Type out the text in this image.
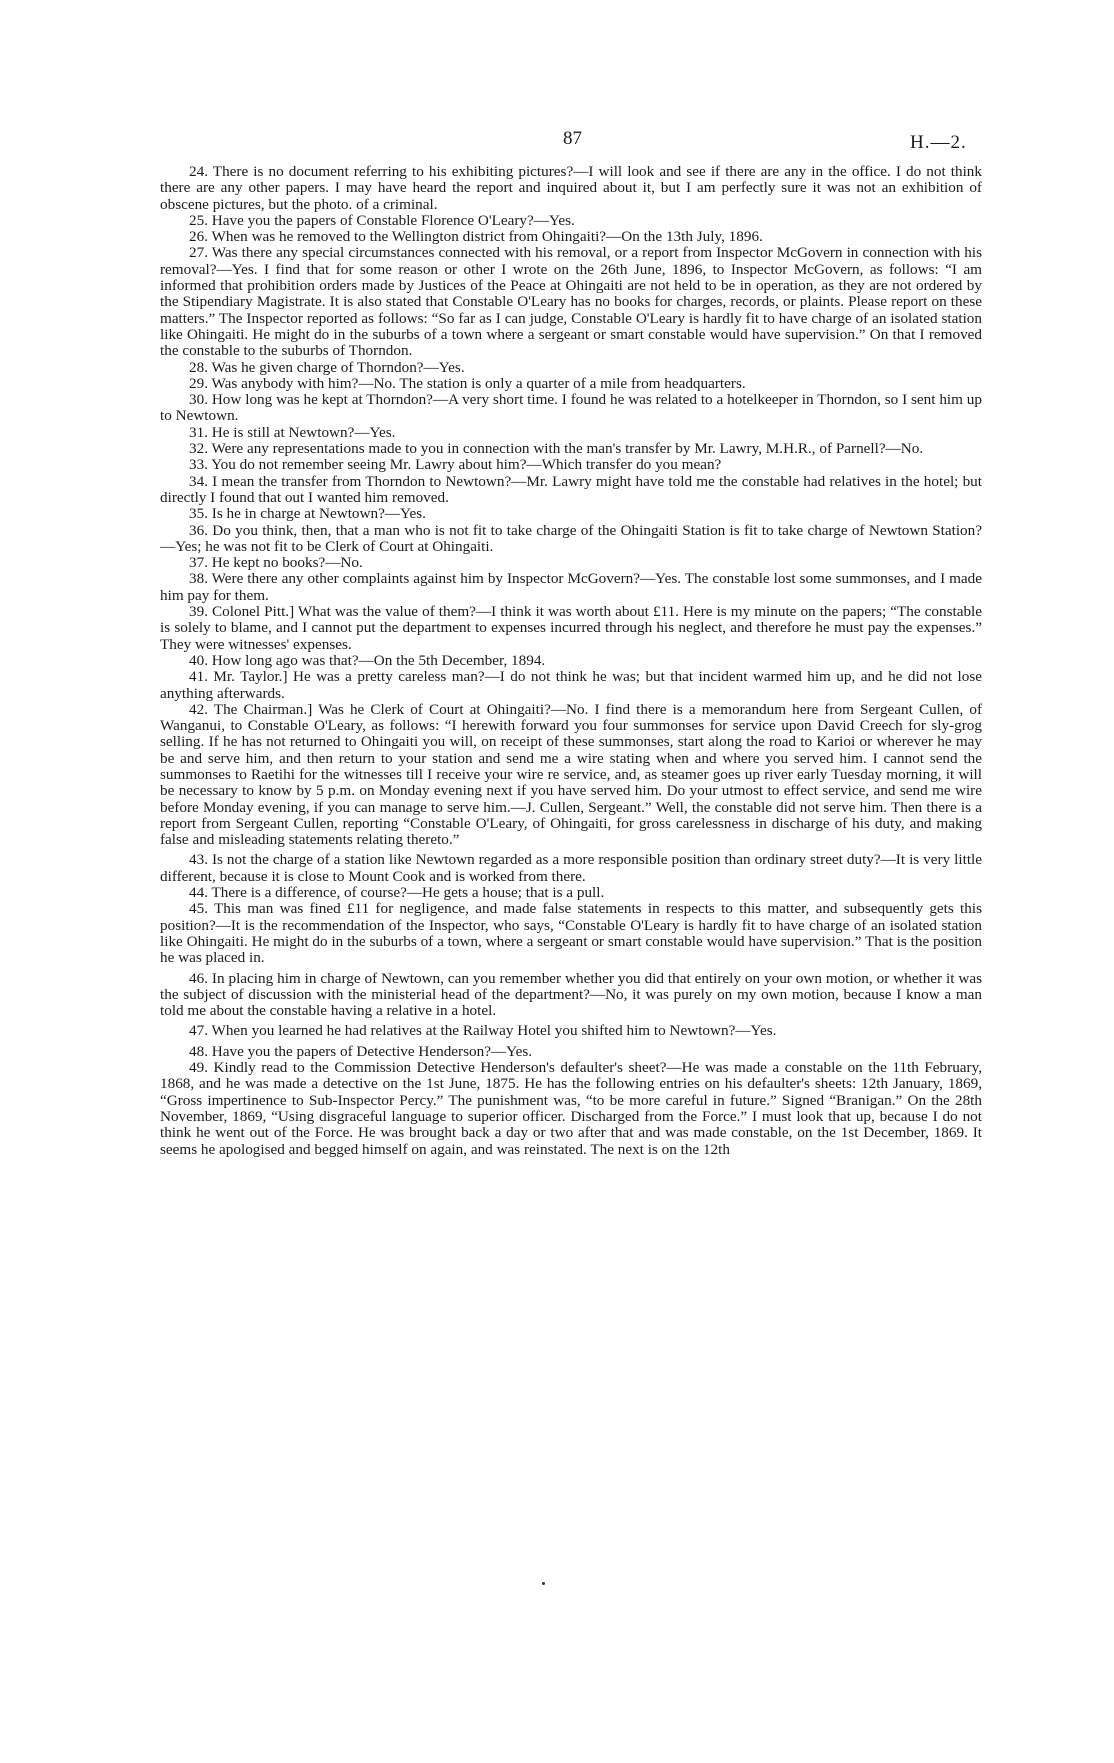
87	H.—2.

24. There is no document referring to his exhibiting pictures?—I will look and see if there are any in the office. I do not think there are any other papers. I may have heard the report and inquired about it, but I am perfectly sure it was not an exhibition of obscene pictures, but the photo. of a criminal.

25. Have you the papers of Constable Florence O'Leary?—Yes.

26. When was he removed to the Wellington district from Ohingaiti?—On the 13th July, 1896.

27. Was there any special circumstances connected with his removal, or a report from Inspector McGovern in connection with his removal?—Yes. I find that for some reason or other I wrote on the 26th June, 1896, to Inspector McGovern, as follows: “I am informed that prohibition orders made by Justices of the Peace at Ohingaiti are not held to be in operation, as they are not ordered by the Stipendiary Magistrate. It is also stated that Constable O'Leary has no books for charges, records, or plaints. Please report on these matters.” The Inspector reported as follows: “So far as I can judge, Constable O'Leary is hardly fit to have charge of an isolated station like Ohingaiti. He might do in the suburbs of a town where a sergeant or smart constable would have supervision.” On that I removed the constable to the suburbs of Thorndon.

28. Was he given charge of Thorndon?—Yes.

29. Was anybody with him?—No. The station is only a quarter of a mile from headquarters.

30. How long was he kept at Thorndon?—A very short time. I found he was related to a hotelkeeper in Thorndon, so I sent him up to Newtown.

31. He is still at Newtown?—Yes.

32. Were any representations made to you in connection with the man's transfer by Mr. Lawry, M.H.R., of Parnell?—No.

33. You do not remember seeing Mr. Lawry about him?—Which transfer do you mean?

34. I mean the transfer from Thorndon to Newtown?—Mr. Lawry might have told me the constable had relatives in the hotel; but directly I found that out I wanted him removed.

35. Is he in charge at Newtown?—Yes.

36. Do you think, then, that a man who is not fit to take charge of the Ohingaiti Station is fit to take charge of Newtown Station?—Yes; he was not fit to be Clerk of Court at Ohingaiti.

37. He kept no books?—No.

38. Were there any other complaints against him by Inspector McGovern?—Yes. The constable lost some summonses, and I made him pay for them.

39. Colonel Pitt.] What was the value of them?—I think it was worth about £11. Here is my minute on the papers; “The constable is solely to blame, and I cannot put the department to expenses incurred through his neglect, and therefore he must pay the expenses.” They were witnesses' expenses.

40. How long ago was that?—On the 5th December, 1894.

41. Mr. Taylor.] He was a pretty careless man?—I do not think he was; but that incident warmed him up, and he did not lose anything afterwards.

42. The Chairman.] Was he Clerk of Court at Ohingaiti?—No. I find there is a memorandum here from Sergeant Cullen, of Wanganui, to Constable O'Leary, as follows: “I herewith forward you four summonses for service upon David Creech for sly-grog selling. If he has not returned to Ohingaiti you will, on receipt of these summonses, start along the road to Karioi or wherever he may be and serve him, and then return to your station and send me a wire stating when and where you served him. I cannot send the summonses to Raetihi for the witnesses till I receive your wire re service, and, as steamer goes up river early Tuesday morning, it will be necessary to know by 5 p.m. on Monday evening next if you have served him. Do your utmost to effect service, and send me wire before Monday evening, if you can manage to serve him.—J. Cullen, Sergeant.” Well, the constable did not serve him. Then there is a report from Sergeant Cullen, reporting “Constable O'Leary, of Ohingaiti, for gross carelessness in discharge of his duty, and making false and misleading statements relating thereto.”

43. Is not the charge of a station like Newtown regarded as a more responsible position than ordinary street duty?—It is very little different, because it is close to Mount Cook and is worked from there.

44. There is a difference, of course?—He gets a house; that is a pull.

45. This man was fined £11 for negligence, and made false statements in respects to this matter, and subsequently gets this position?—It is the recommendation of the Inspector, who says, “Constable O'Leary is hardly fit to have charge of an isolated station like Ohingaiti. He might do in the suburbs of a town, where a sergeant or smart constable would have supervision.” That is the position he was placed in.

46. In placing him in charge of Newtown, can you remember whether you did that entirely on your own motion, or whether it was the subject of discussion with the ministerial head of the department?—No, it was purely on my own motion, because I know a man told me about the constable having a relative in a hotel.

47. When you learned he had relatives at the Railway Hotel you shifted him to Newtown?—Yes.

48. Have you the papers of Detective Henderson?—Yes.

49. Kindly read to the Commission Detective Henderson's defaulter's sheet?—He was made a constable on the 11th February, 1868, and he was made a detective on the 1st June, 1875. He has the following entries on his defaulter's sheets: 12th January, 1869, “Gross impertinence to Sub-Inspector Percy.” The punishment was, “to be more careful in future.” Signed “Branigan.” On the 28th November, 1869, “Using disgraceful language to superior officer. Discharged from the Force.” I must look that up, because I do not think he went out of the Force. He was brought back a day or two after that and was made constable, on the 1st December, 1869. It seems he apologised and begged himself on again, and was reinstated. The next is on the 12th
